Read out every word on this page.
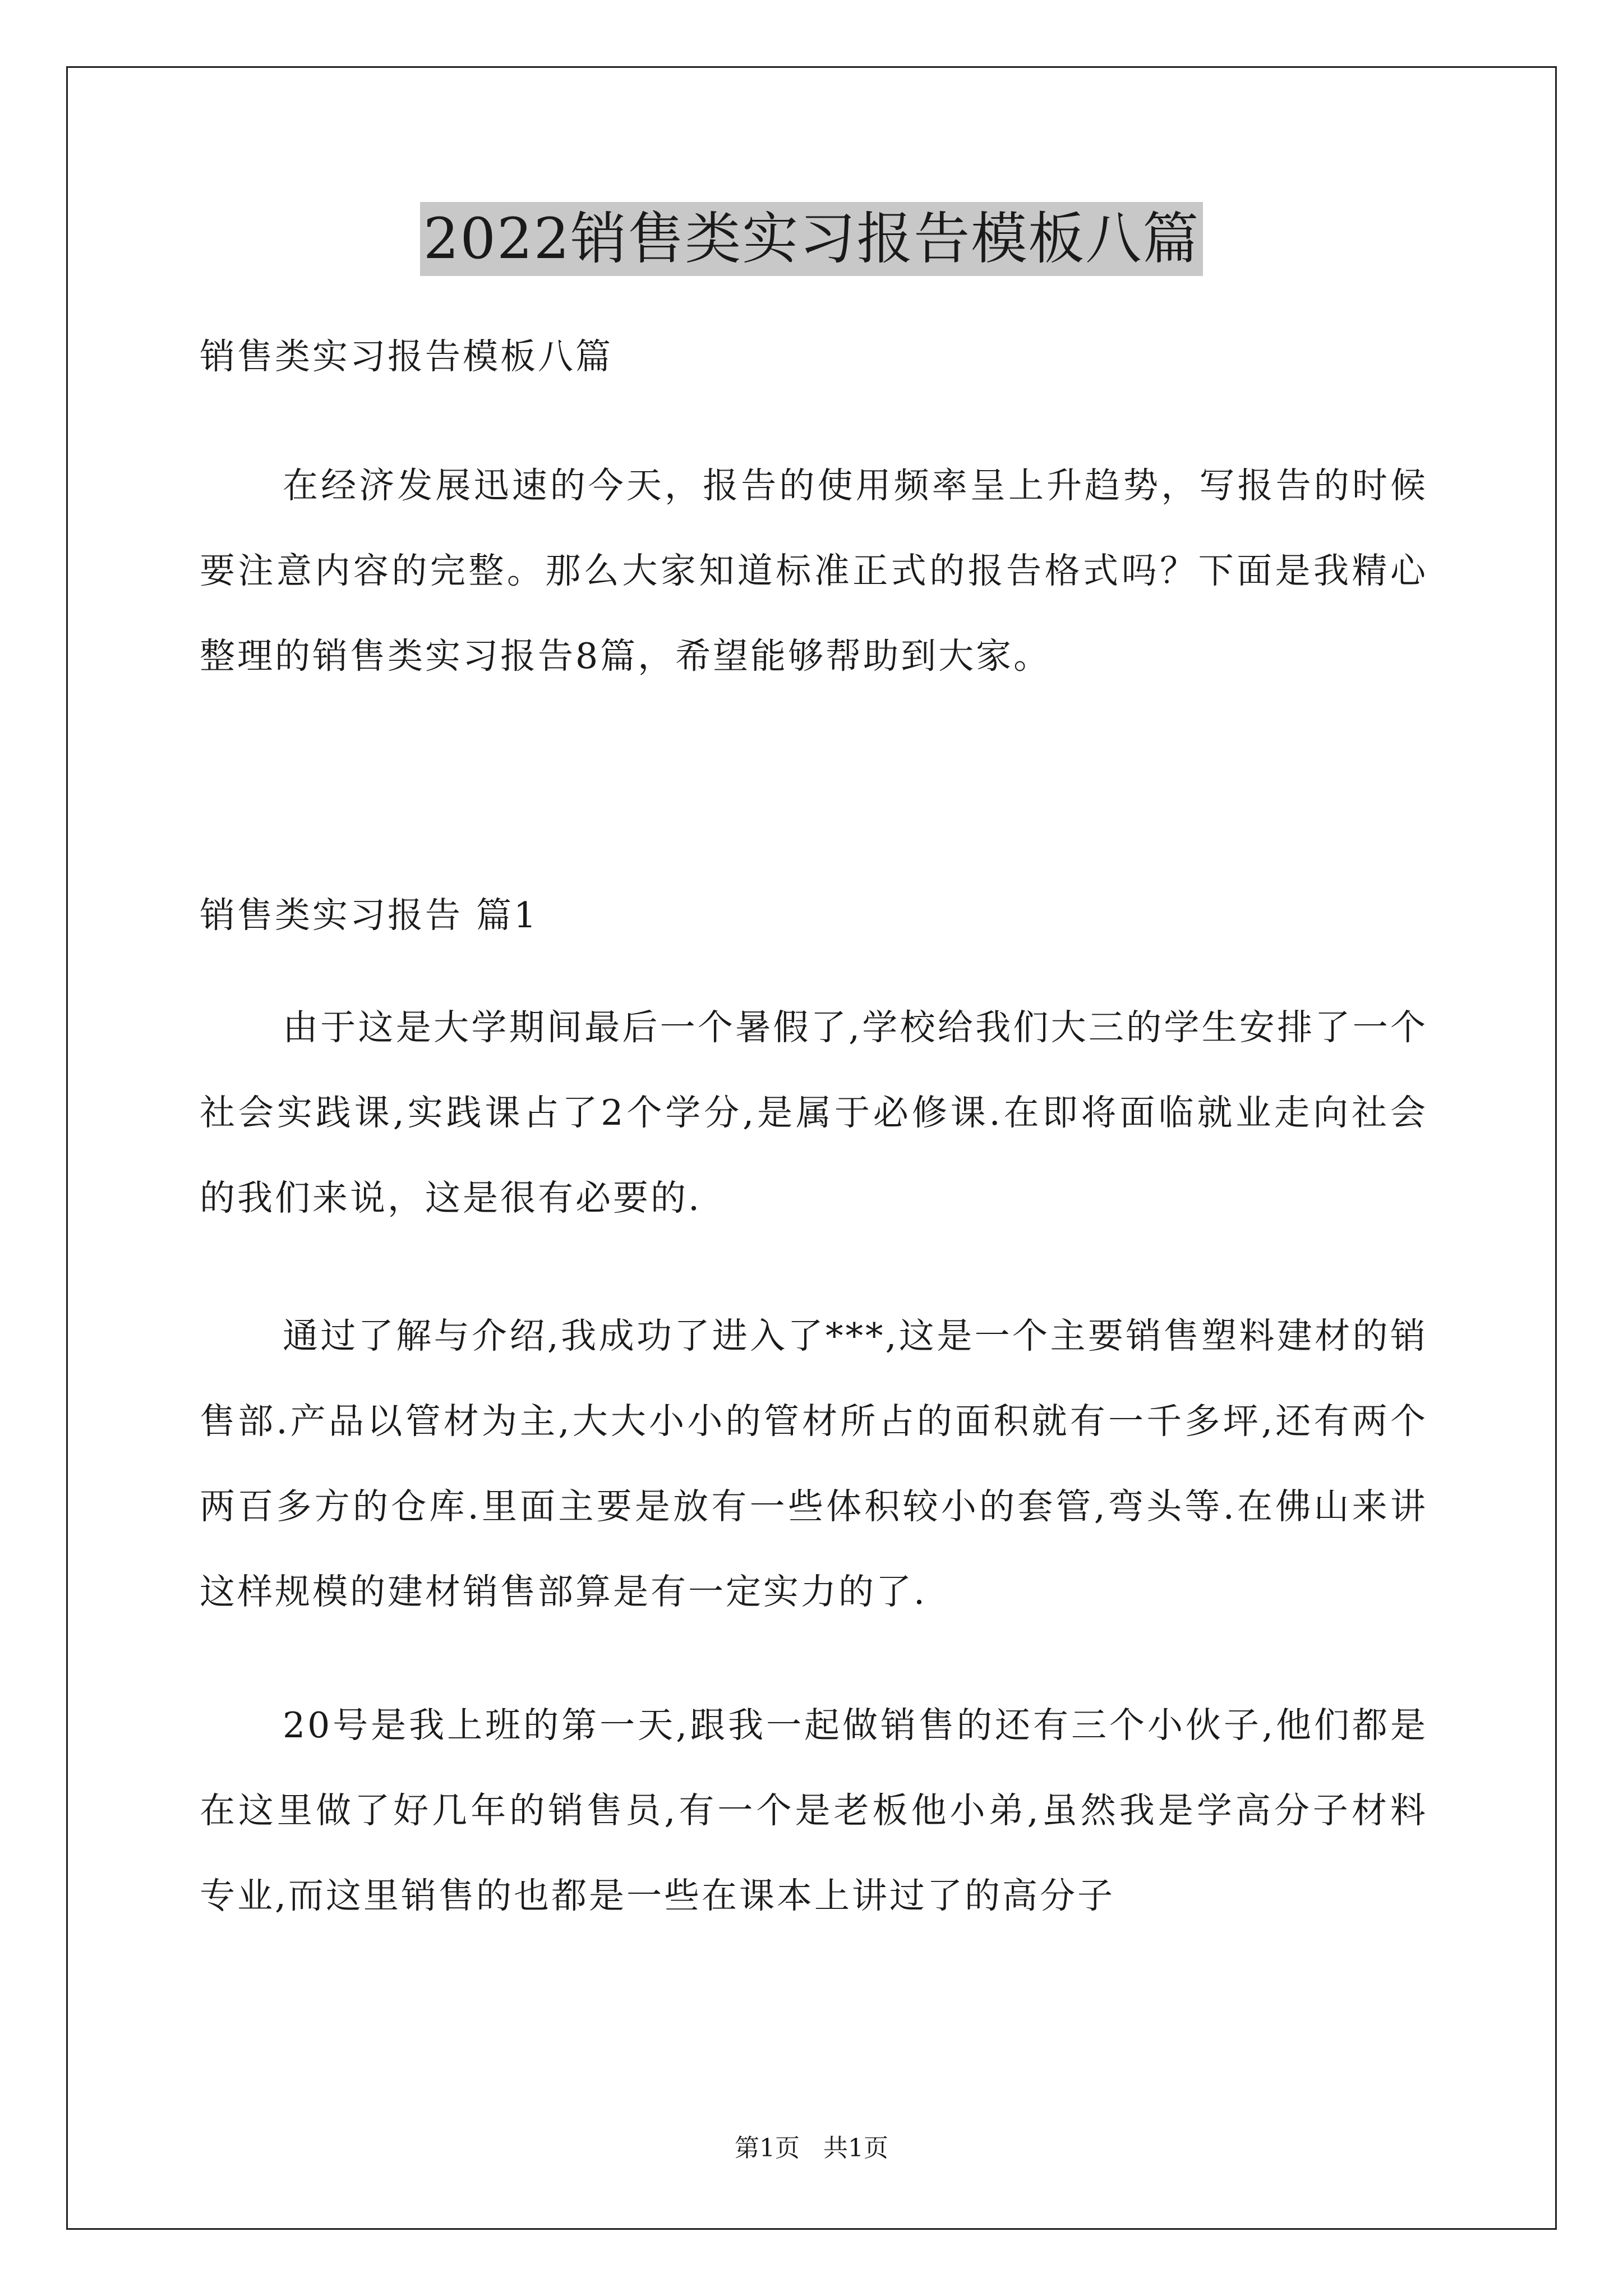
2022销售类实习报告模板八篇

销售类实习报告模板八篇

在经济发展迅速的今天，报告的使用频率呈上升趋势，写报告的时候要注意内容的完整。那么大家知道标准正式的报告格式吗？下面是我精心整理的销售类实习报告8篇，希望能够帮助到大家。

销售类实习报告 篇1

由于这是大学期间最后一个暑假了,学校给我们大三的学生安排了一个社会实践课,实践课占了2个学分,是属于必修课.在即将面临就业走向社会的我们来说，这是很有必要的.

通过了解与介绍,我成功了进入了***,这是一个主要销售塑料建材的销售部.产品以管材为主,大大小小的管材所占的面积就有一千多坪,还有两个两百多方的仓库.里面主要是放有一些体积较小的套管,弯头等.在佛山来讲这样规模的建材销售部算是有一定实力的了.

20号是我上班的第一天,跟我一起做销售的还有三个小伙子,他们都是在这里做了好几年的销售员,有一个是老板他小弟,虽然我是学高分子材料专业,而这里销售的也都是一些在课本上讲过了的高分子

第1页   共1页
